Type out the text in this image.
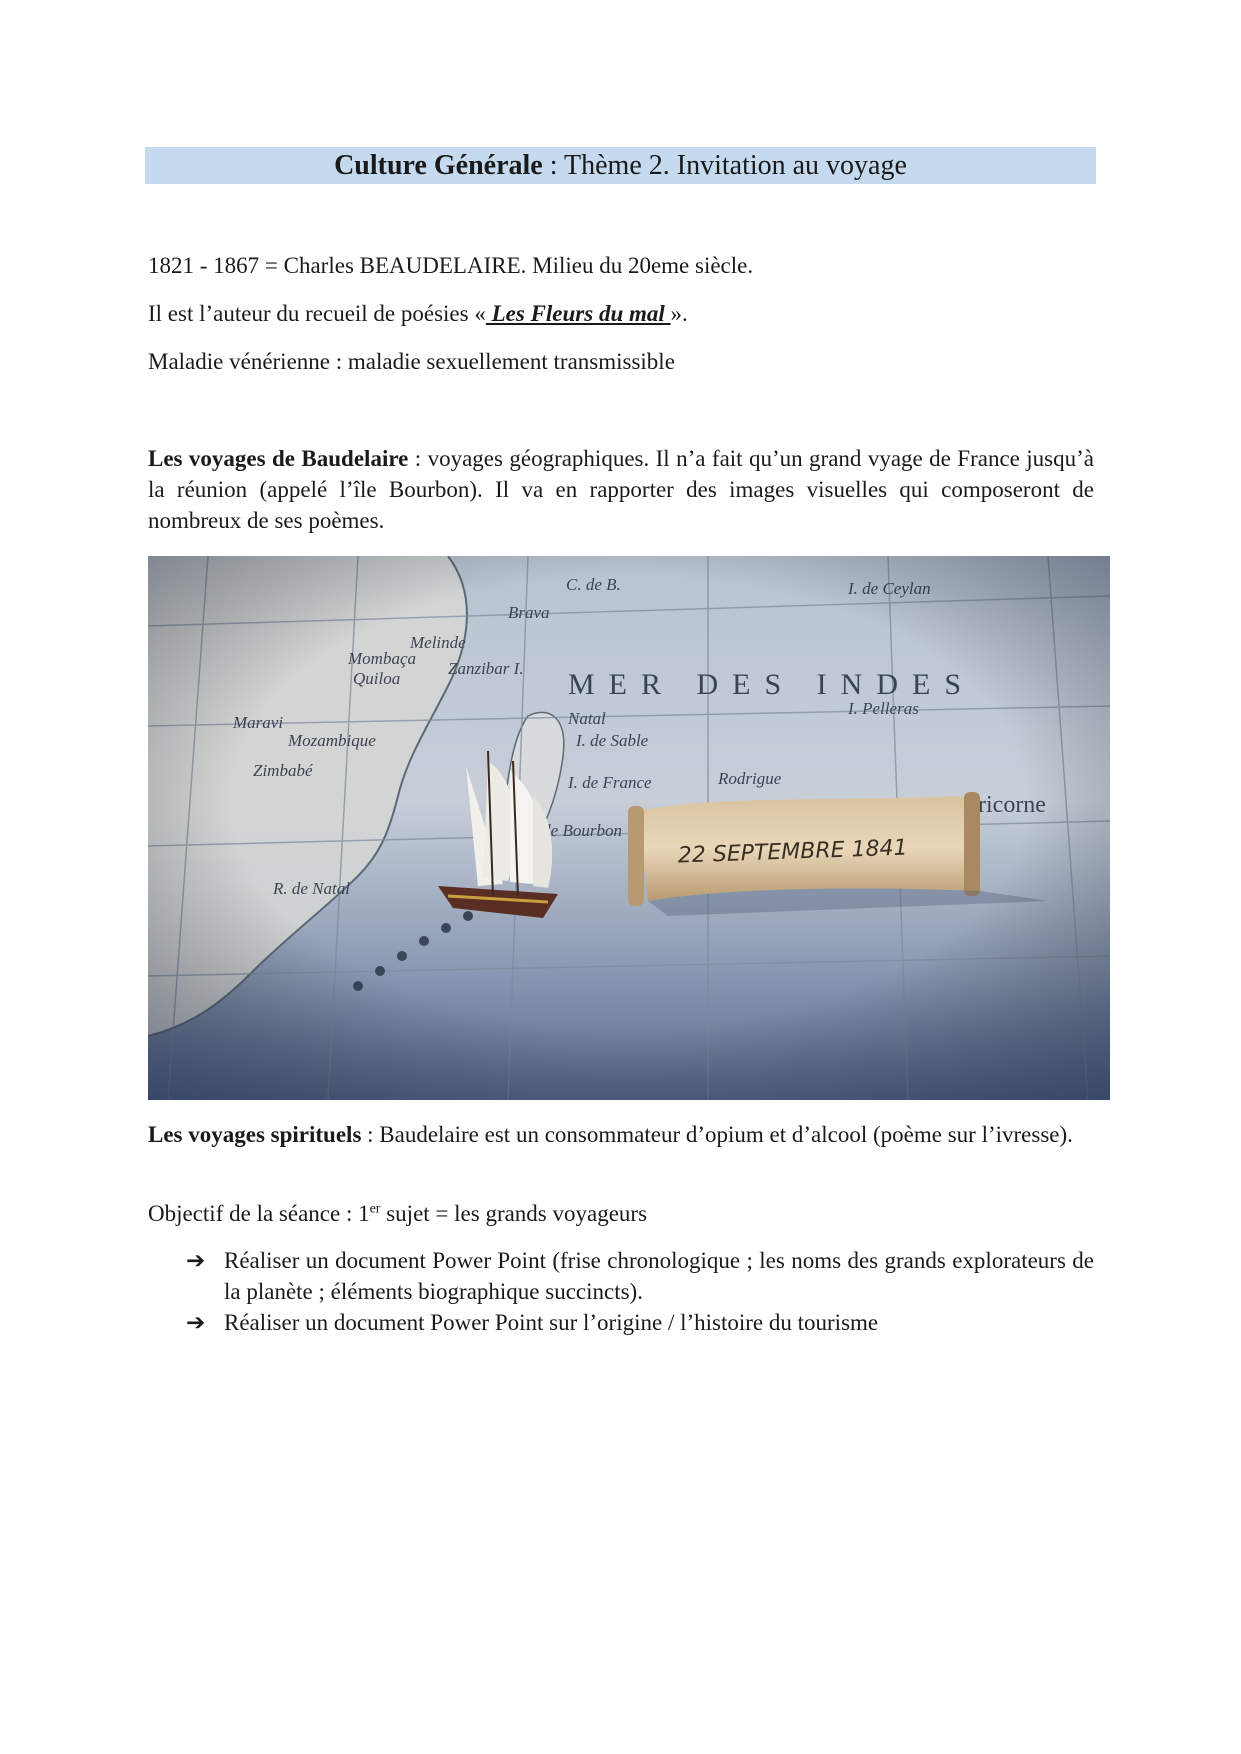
Culture Générale : Thème 2. Invitation au voyage
1821 - 1867 = Charles BEAUDELAIRE. Milieu du 20eme siècle.
Il est l’auteur du recueil de poésies « Les Fleurs du mal ».
Maladie vénérienne : maladie sexuellement transmissible
Les voyages de Baudelaire : voyages géographiques. Il n’a fait qu’un grand vyage de France jusqu’à la réunion (appelé l’île Bourbon). Il va en rapporter des images visuelles qui composeront de nombreux de ses poèmes.
Les voyages spirituels : Baudelaire est un consommateur d’opium et d’alcool (poème sur l’ivresse).
Objectif de la séance : 1er sujet = les grands voyageurs
➔ Réaliser un document Power Point (frise chronologique ; les noms des grands explorateurs de la planète ; éléments biographique succincts).
➔ Réaliser un document Power Point sur l’origine / l’histoire du tourisme
